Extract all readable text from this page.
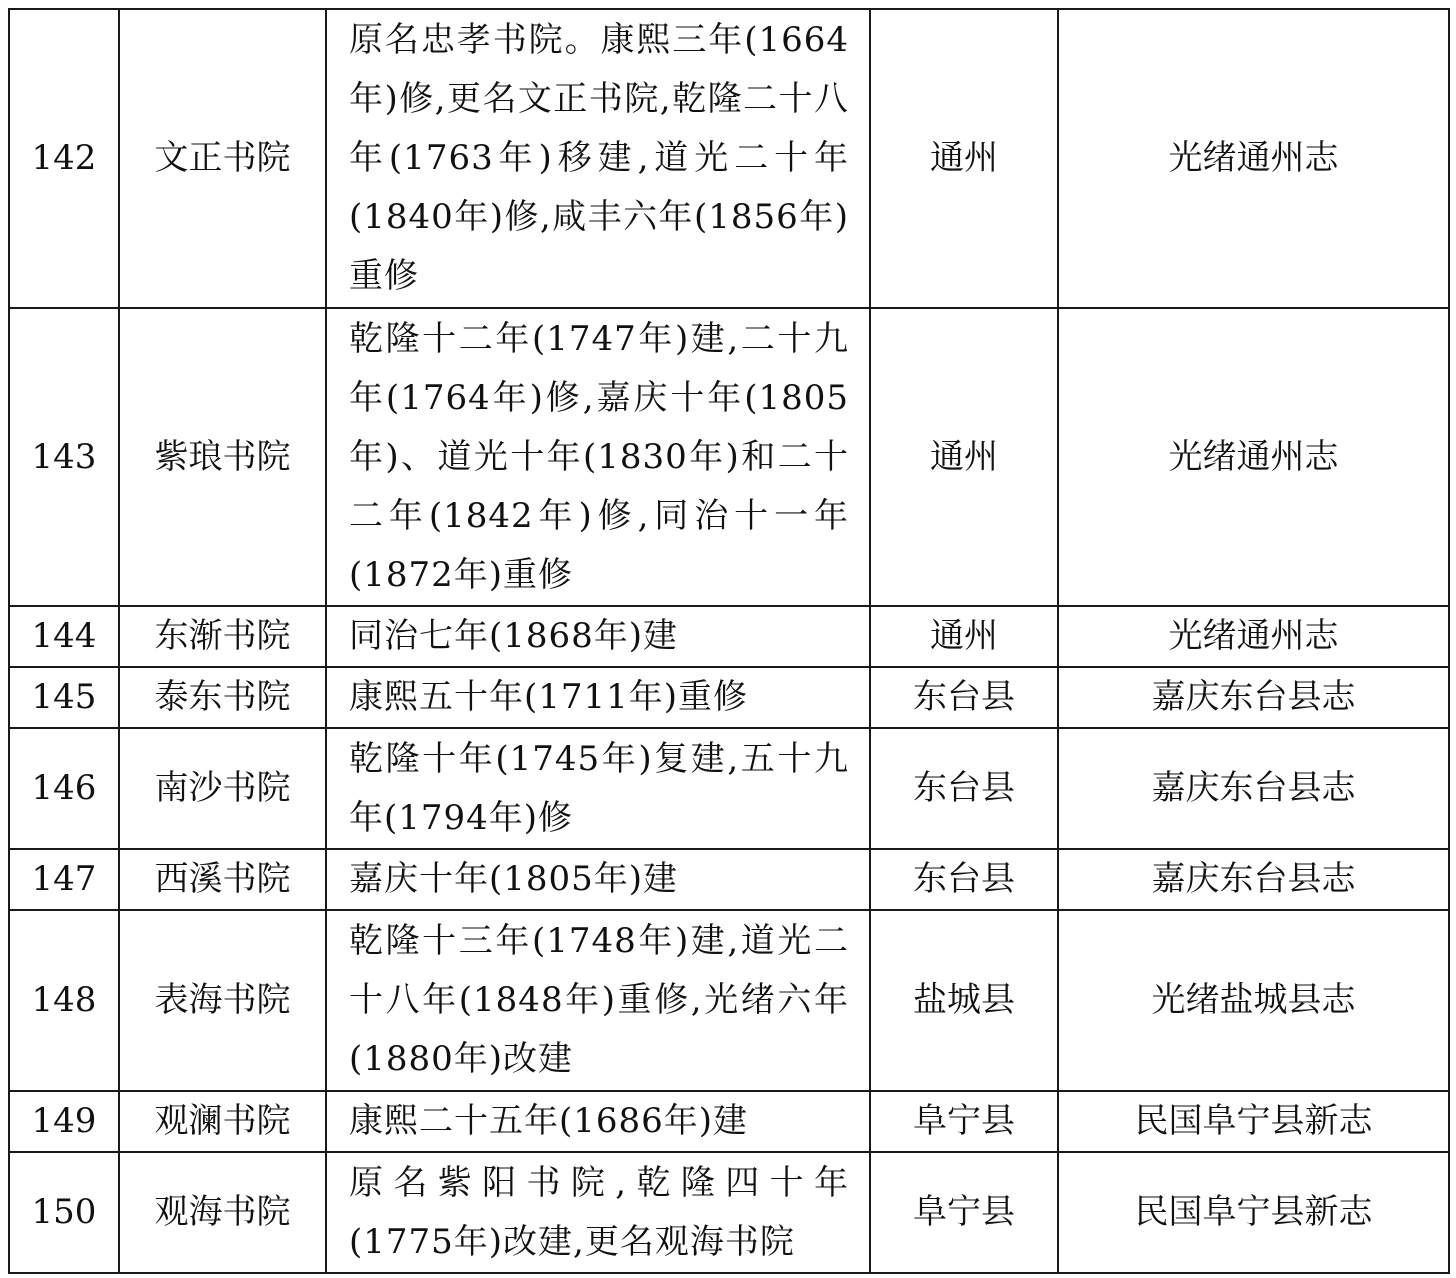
142	文正书院	原名忠孝书院。康熙三年(1664年)修,更名文正书院,乾隆二十八年(1763年)移建,道光二十年(1840年)修,咸丰六年(1856年)重修	通州	光绪通州志
143	紫琅书院	乾隆十二年(1747年)建,二十九年(1764年)修,嘉庆十年(1805年)、道光十年(1830年)和二十二年(1842年)修,同治十一年(1872年)重修	通州	光绪通州志
144	东渐书院	同治七年(1868年)建	通州	光绪通州志
145	泰东书院	康熙五十年(1711年)重修	东台县	嘉庆东台县志
146	南沙书院	乾隆十年(1745年)复建,五十九年(1794年)修	东台县	嘉庆东台县志
147	西溪书院	嘉庆十年(1805年)建	东台县	嘉庆东台县志
148	表海书院	乾隆十三年(1748年)建,道光二十八年(1848年)重修,光绪六年(1880年)改建	盐城县	光绪盐城县志
149	观澜书院	康熙二十五年(1686年)建	阜宁县	民国阜宁县新志
150	观海书院	原名紫阳书院,乾隆四十年(1775年)改建,更名观海书院	阜宁县	民国阜宁县新志
